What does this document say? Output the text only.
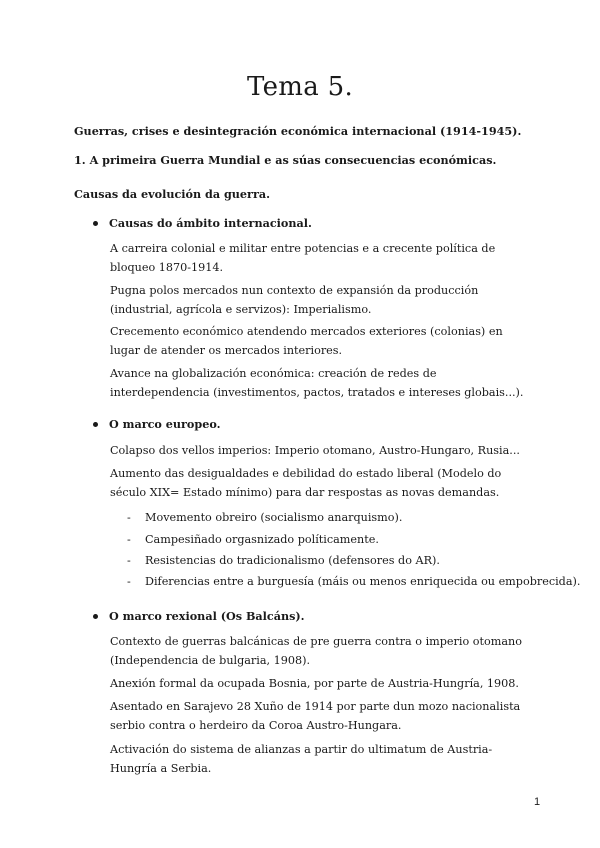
Tema 5.

Guerras, crises e desintegración económica internacional (1914-1945).

1. A primeira Guerra Mundial e as súas consecuencias económicas.

Causas da evolución da guerra.

Causas do ámbito internacional.

A carreira colonial e militar entre potencias e a crecente política de bloqueo 1870-1914.

Pugna polos mercados nun contexto de expansión da producción (industrial, agrícola e servizos): Imperialismo.

Crecemento económico atendendo mercados exteriores (colonias) en lugar de atender os mercados interiores.

Avance na globalización económica: creación de redes de interdependencia (investimentos, pactos, tratados e intereses globais...).

O marco europeo.

Colapso dos vellos imperios: Imperio otomano, Austro-Hungaro, Rusia...

Aumento das desigualdades e debilidad do estado liberal (Modelo do século XIX= Estado mínimo) para dar respostas as novas demandas.

- Movemento obreiro (socialismo anarquismo).

- Campesiñado orgasnizado políticamente.

- Resistencias do tradicionalismo (defensores do AR).

- Diferencias entre a burguesía (máis ou menos enriquecida ou empobrecida).

O marco rexional (Os Balcáns).

Contexto de guerras balcánicas de pre guerra contra o imperio otomano (Independencia de bulgaria, 1908).

Anexión formal da ocupada Bosnia, por parte de Austria-Hungría, 1908.

Asentado en Sarajevo 28 Xuño de 1914 por parte dun mozo nacionalista serbio contra o herdeiro da Coroa Austro-Hungara.

Activación do sistema de alianzas a partir do ultimatum de Austria-Hungría a Serbia.

1
